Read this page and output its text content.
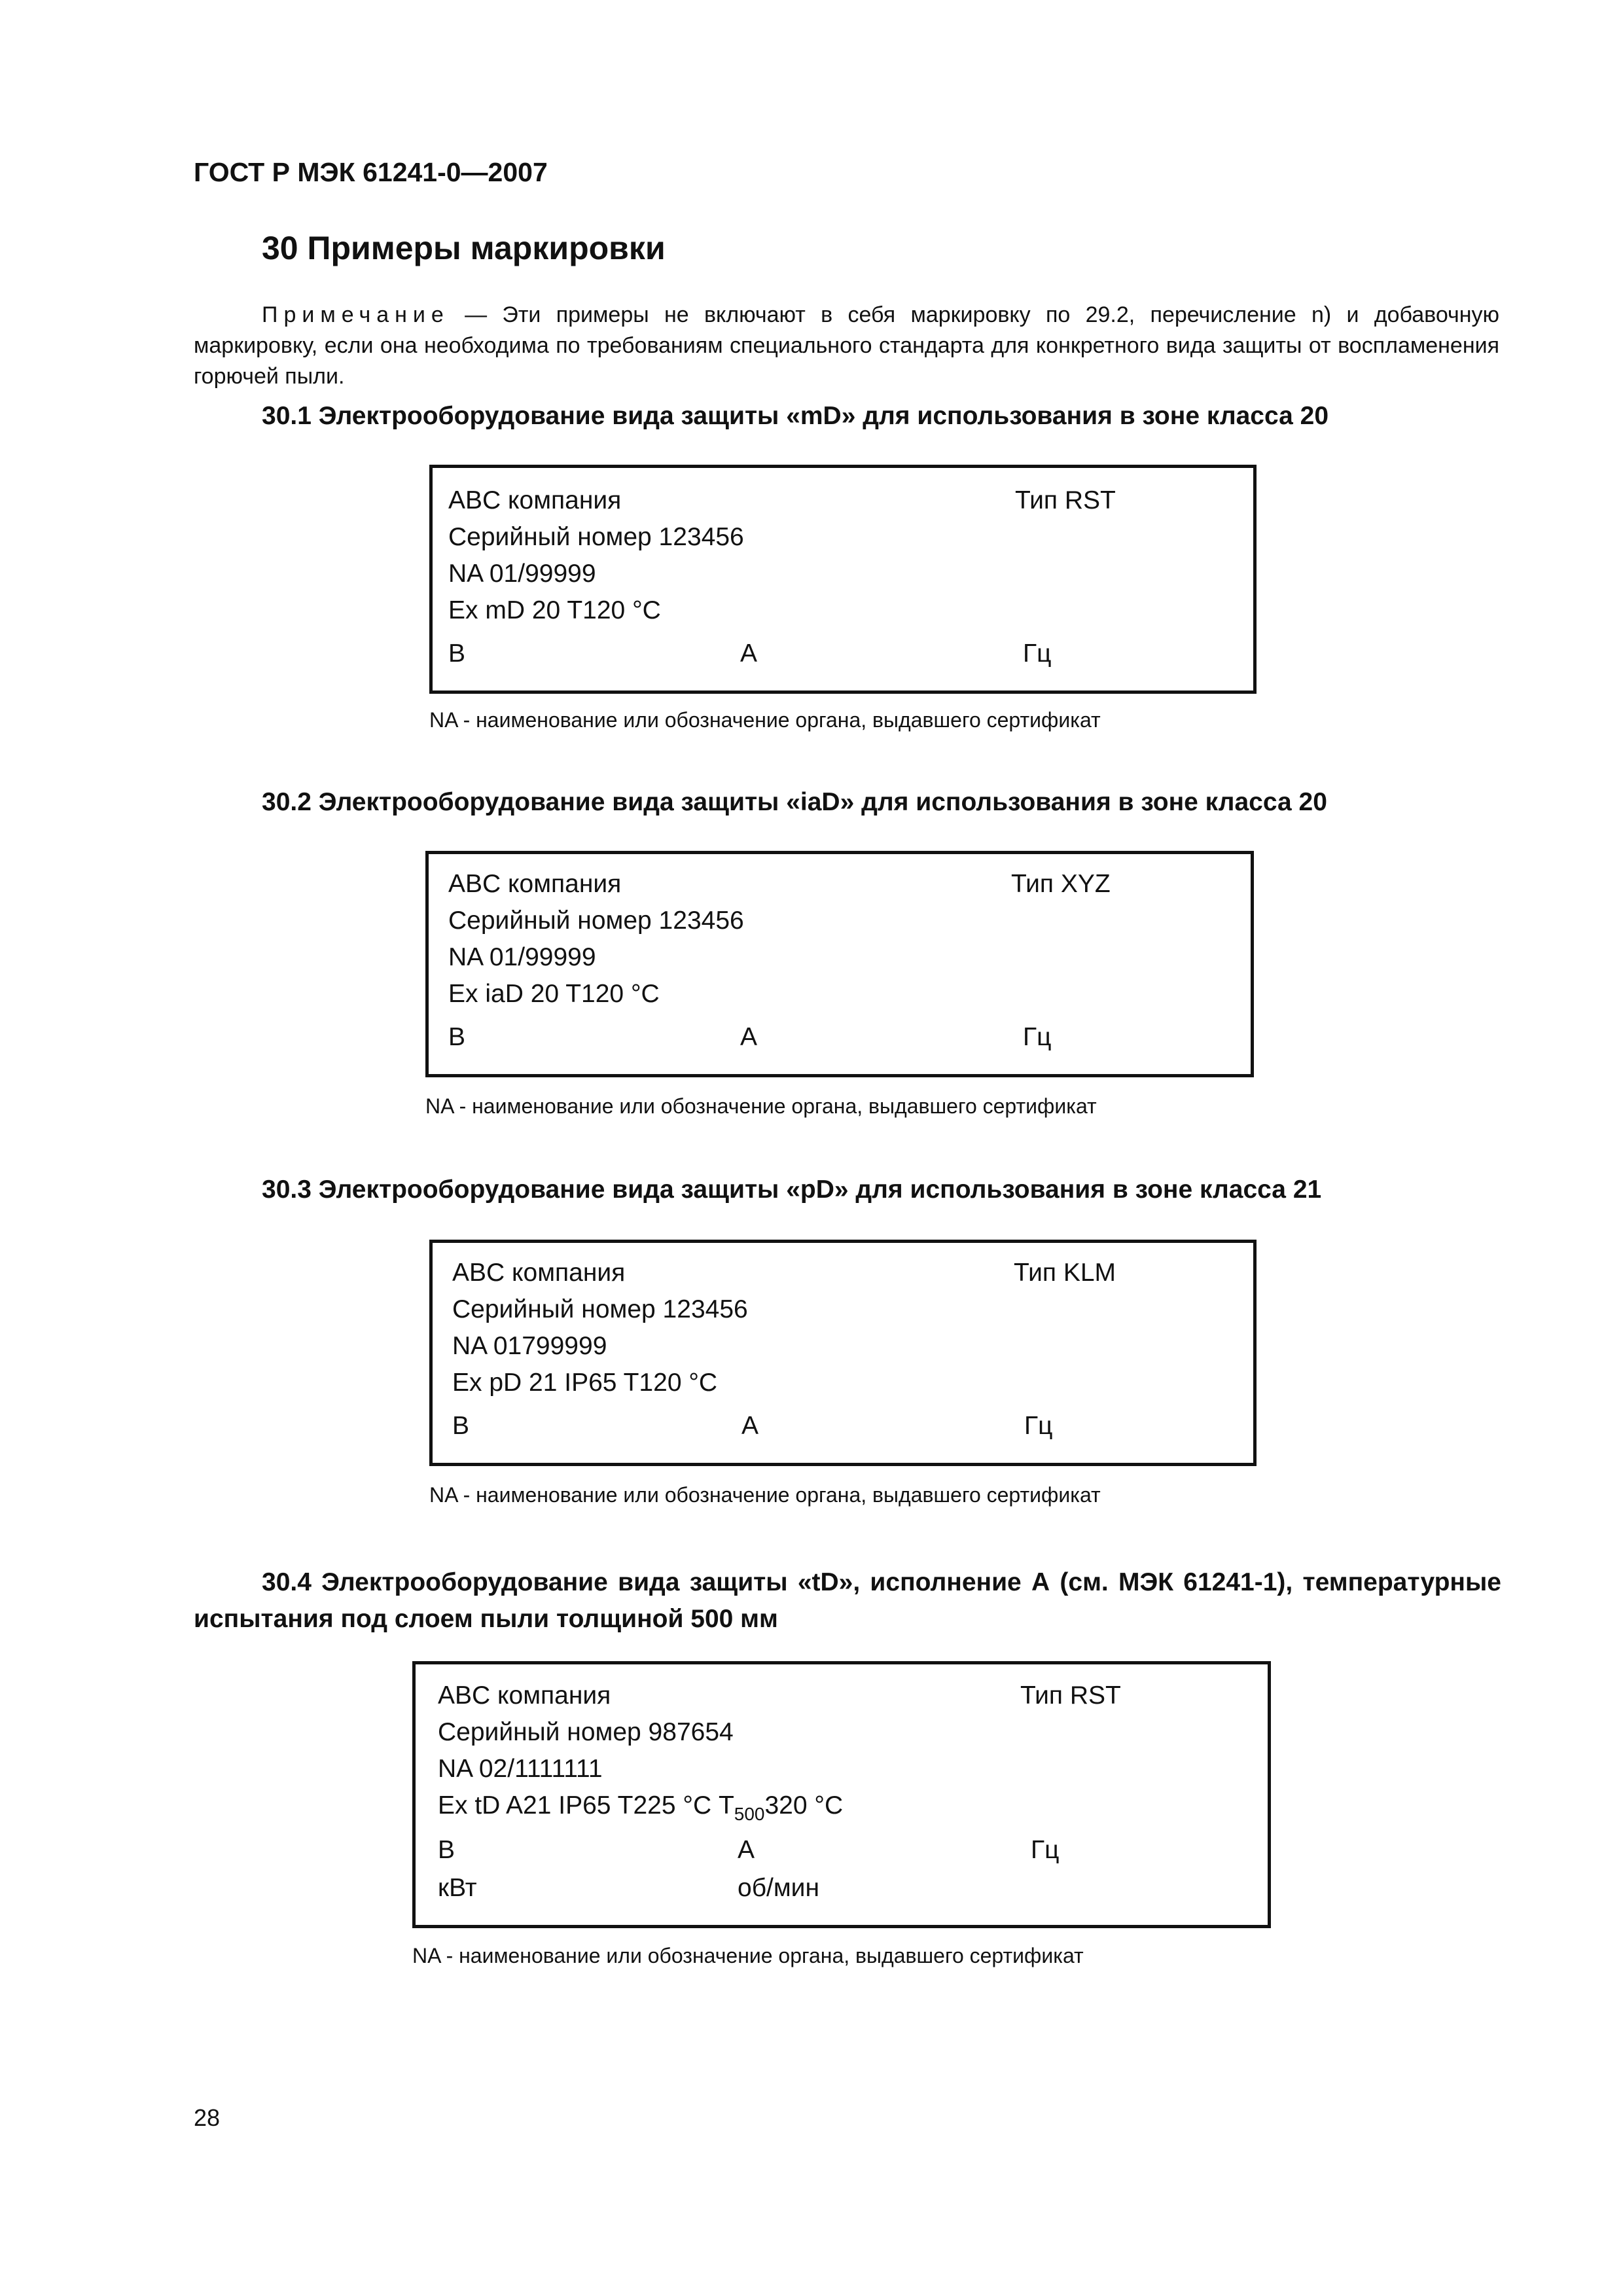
ГОСТ Р МЭК 61241-0—2007
30 Примеры маркировки
Примечание — Эти примеры не включают в себя маркировку по 29.2, перечисление n) и добавочную маркировку, если она необходима по требованиям специального стандарта для конкретного вида защиты от воспламенения горючей пыли.
30.1 Электрооборудование вида защиты «mD» для использования в зоне класса 20
ABC компания	Тип RST
Серийный номер 123456
NA 01/99999
Ex mD 20 T120 °С
В	А	Гц
NA - наименование или обозначение органа, выдавшего сертификат
30.2 Электрооборудование вида защиты «iaD» для использования в зоне класса 20
ABC компания	Тип XYZ
Серийный номер 123456
NA 01/99999
Ex iaD 20 T120 °С
В	А	Гц
NA - наименование или обозначение органа, выдавшего сертификат
30.3 Электрооборудование вида защиты «pD» для использования в зоне класса 21
ABC компания	Тип KLM
Серийный номер 123456
NA 01799999
Ex pD 21 IP65 T120 °С
В	А	Гц
NA - наименование или обозначение органа, выдавшего сертификат
30.4 Электрооборудование вида защиты «tD», исполнение А (см. МЭК 61241-1), температурные испытания под слоем пыли толщиной 500 мм
ABC компания	Тип RST
Серийный номер 987654
NA 02/1111111
Ex tD A21 IP65 T225 °С $T_{500}320$ °С
В	А	Гц
кВт	об/мин
NA - наименование или обозначение органа, выдавшего сертификат
28
